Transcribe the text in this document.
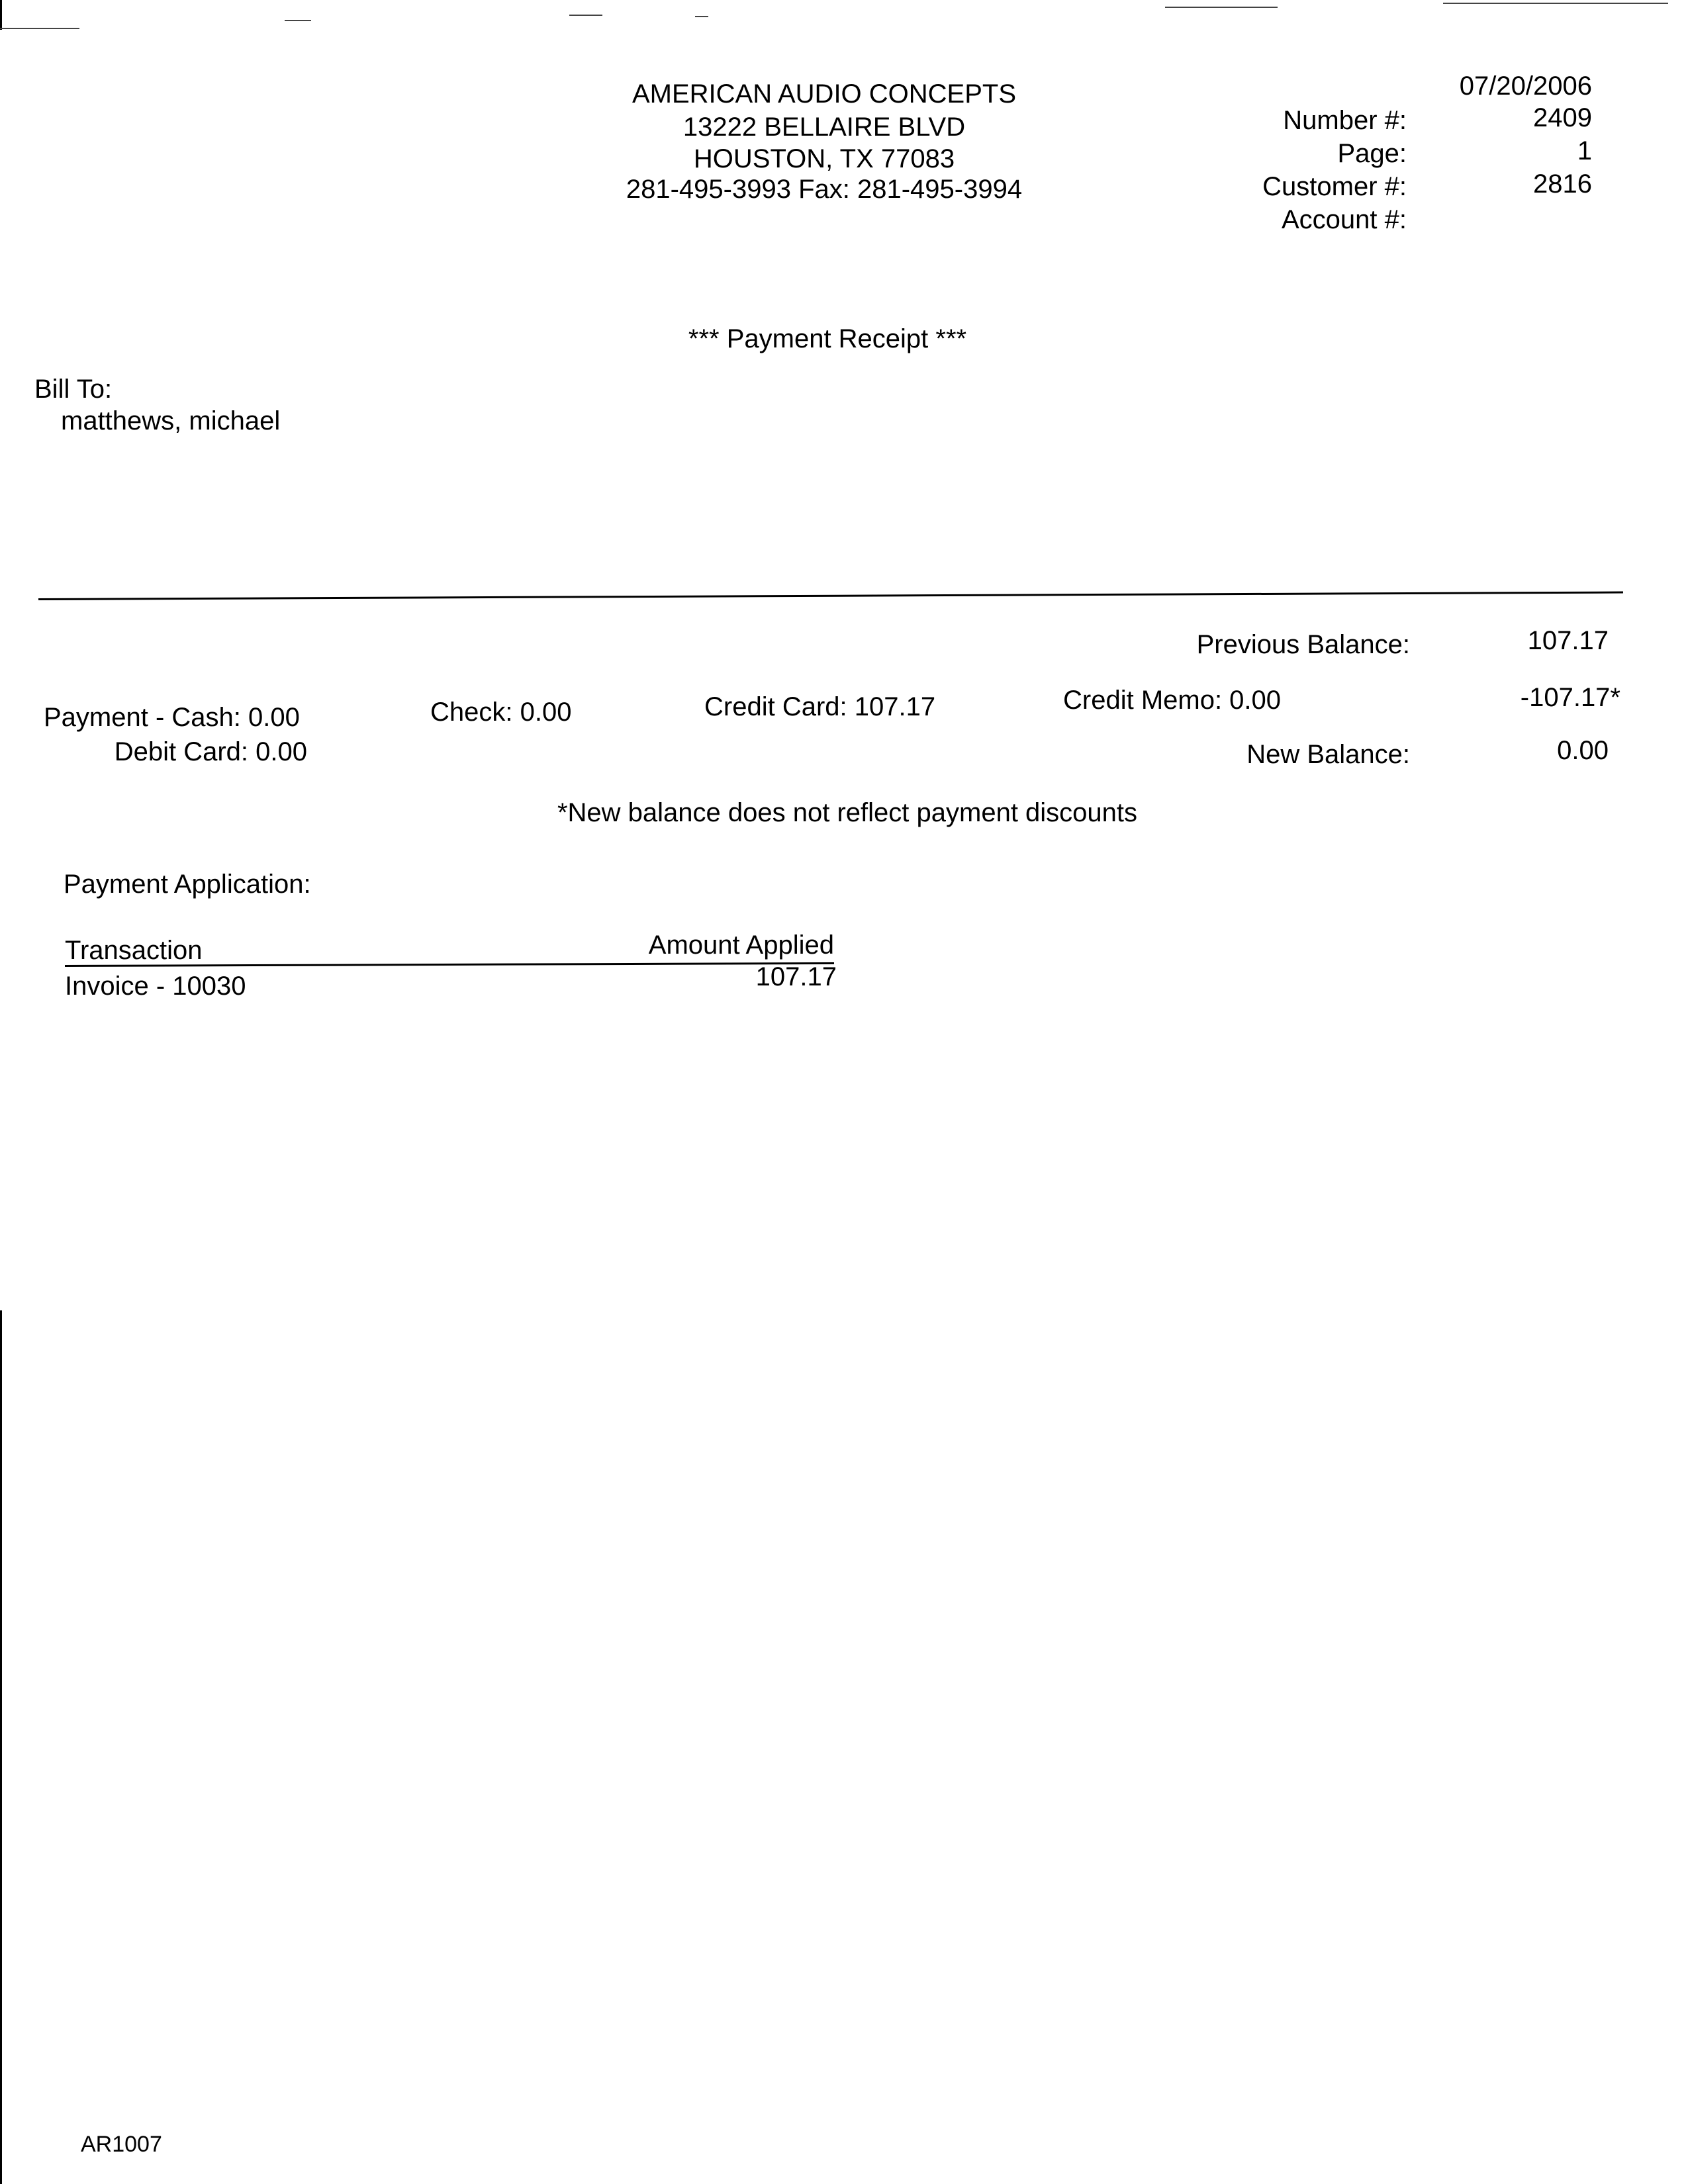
AMERICAN AUDIO CONCEPTS
13222 BELLAIRE BLVD
HOUSTON, TX 77083
281-495-3993 Fax: 281-495-3994
07/20/2006
Number #:	2409
Page:	1
Customer #:	2816
Account #:
*** Payment Receipt ***
Bill To:
matthews, michael
Previous Balance:	107.17
Payment - Cash: 0.00	Check: 0.00	Credit Card: 107.17	Credit Memo: 0.00	-107.17*
Debit Card: 0.00	New Balance:	0.00
*New balance does not reflect payment discounts
Payment Application:
Transaction	Amount Applied
Invoice - 10030	107.17
AR1007
